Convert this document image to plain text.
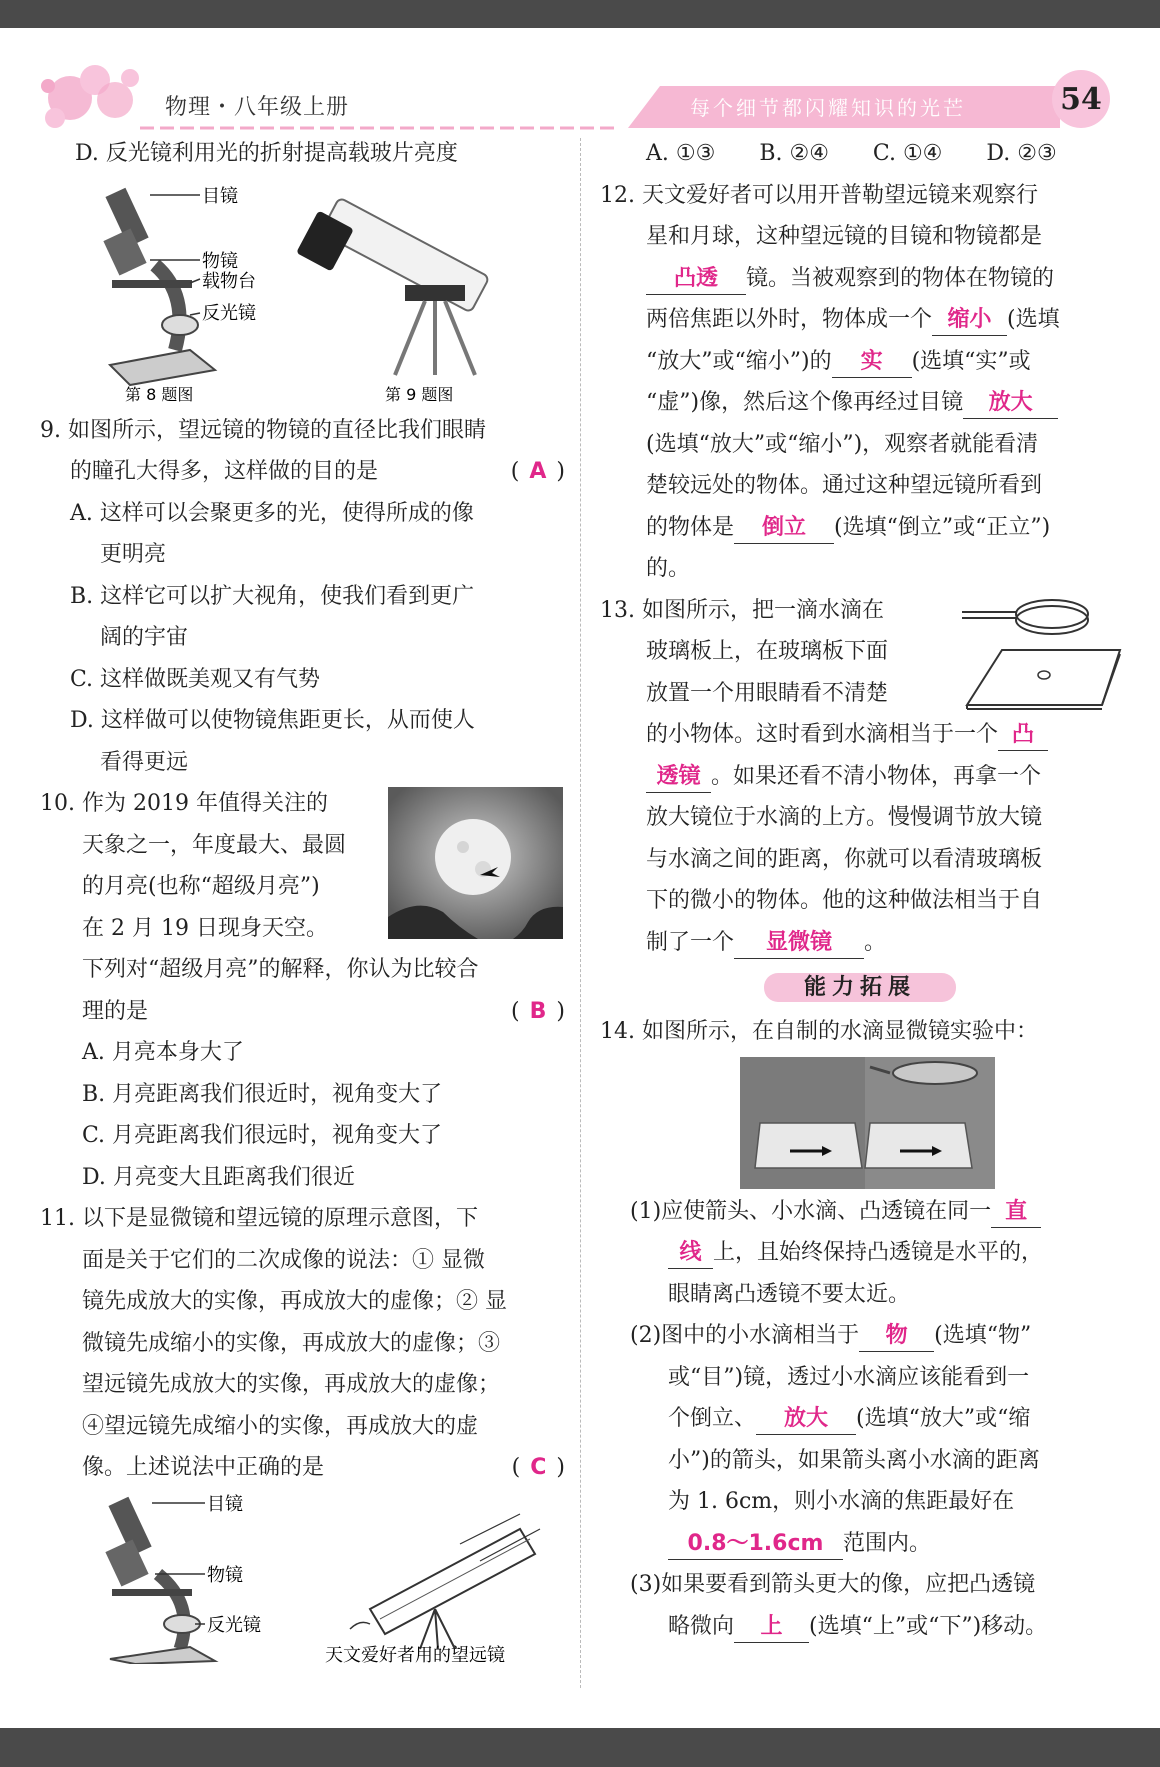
物理・八年级上册	每个细节都闪耀知识的光芒	54
D. 反光镜利用光的折射提高载玻片亮度
目镜
物镜
载物台
反光镜
第 8 题图	第 9 题图
9. 如图所示，望远镜的物镜的直径比我们眼睛
的瞳孔大得多，这样做的目的是	( A )
A. 这样可以会聚更多的光，使得所成的像
更明亮
B. 这样它可以扩大视角，使我们看到更广
阔的宇宙
C. 这样做既美观又有气势
D. 这样做可以使物镜焦距更长，从而使人
看得更远
10. 作为 2019 年值得关注的
天象之一，年度最大、最圆
的月亮(也称“超级月亮”)
在 2 月 19 日现身天空。
下列对“超级月亮”的解释，你认为比较合
理的是	( B )
A. 月亮本身大了
B. 月亮距离我们很近时，视角变大了
C. 月亮距离我们很远时，视角变大了
D. 月亮变大且距离我们很近
11. 以下是显微镜和望远镜的原理示意图，下
面是关于它们的二次成像的说法：① 显微
镜先成放大的实像，再成放大的虚像；② 显
微镜先成缩小的实像，再成放大的虚像；③
望远镜先成放大的实像，再成放大的虚像；
④望远镜先成缩小的实像，再成放大的虚
像。上述说法中正确的是	( C )
目镜
物镜
反光镜
天文爱好者用的望远镜
A. ①③　　B. ②④　　C. ①④　　D. ②③
12. 天文爱好者可以用开普勒望远镜来观察行
星和月球，这种望远镜的目镜和物镜都是
凸透 镜。当被观察到的物体在物镜的
两倍焦距以外时，物体成一个 缩小 (选填
“放大”或“缩小”)的 实 (选填“实”或
“虚”)像，然后这个像再经过目镜 放大
(选填“放大”或“缩小”)，观察者就能看清
楚较远处的物体。通过这种望远镜所看到
的物体是 倒立 (选填“倒立”或“正立”)
的。
13. 如图所示，把一滴水滴在
玻璃板上，在玻璃板下面
放置一个用眼睛看不清楚
的小物体。这时看到水滴相当于一个 凸
透镜 。如果还看不清小物体，再拿一个
放大镜位于水滴的上方。慢慢调节放大镜
与水滴之间的距离，你就可以看清玻璃板
下的微小的物体。他的这种做法相当于自
制了一个 显微镜 。
能力拓展
14. 如图所示，在自制的水滴显微镜实验中：
(1)应使箭头、小水滴、凸透镜在同一 直
线 上，且始终保持凸透镜是水平的，
眼睛离凸透镜不要太近。
(2)图中的小水滴相当于 物 (选填“物”
或“目”)镜，透过小水滴应该能看到一
个倒立、 放大 (选填“放大”或“缩
小”)的箭头，如果箭头离小水滴的距离
为 1. 6cm，则小水滴的焦距最好在
0.8～1.6cm 范围内。
(3)如果要看到箭头更大的像，应把凸透镜
略微向 上 (选填“上”或“下”)移动。
